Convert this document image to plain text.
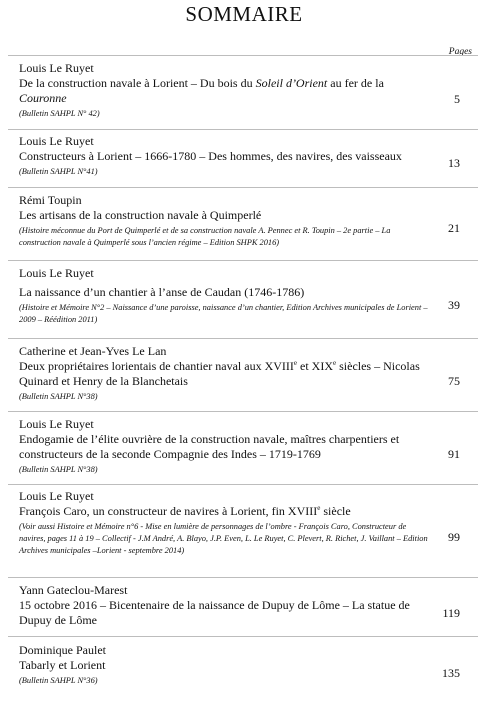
SOMMAIRE
Pages
Louis Le Ruyet
De la construction navale à Lorient – Du bois du Soleil d’Orient au fer de la Couronne
(Bulletin SAHPL N° 42)
5
Louis Le Ruyet
Constructeurs à Lorient – 1666-1780 – Des hommes, des navires, des vaisseaux
(Bulletin SAHPL N°41)
13
Rémi Toupin
Les artisans de la construction navale à Quimperlé
(Histoire méconnue du Port de Quimperlé et de sa construction navale A. Pennec et R. Toupin – 2e partie – La construction navale à Quimperlé sous l’ancien régime – Edition SHPK 2016)
21
Louis Le Ruyet
La naissance d’un chantier à l’anse de Caudan (1746-1786)
(Histoire et Mémoire N°2 – Naissance d’une paroisse, naissance d’un chantier, Edition Archives municipales de Lorient – 2009 – Réédition 2011)
39
Catherine et Jean-Yves Le Lan
Deux propriétaires lorientais de chantier naval aux XVIIIe et XIXe siècles – Nicolas Quinard et Henry de la Blanchetais
(Bulletin SAHPL N°38)
75
Louis Le Ruyet
Endogamie de l’élite ouvrière de la construction navale, maîtres charpentiers et constructeurs de la seconde Compagnie des Indes – 1719-1769
(Bulletin SAHPL N°38)
91
Louis Le Ruyet
François Caro, un constructeur de navires à Lorient, fin XVIIIe siècle
(Voir aussi Histoire et Mémoire n°6 - Mise en lumière de personnages de l’ombre - François Caro, Constructeur de navires, pages 11 à 19 – Collectif - J.M André, A. Blayo, J.P. Even, L. Le Ruyet, C. Plevert, R. Richet, J. Vaillant – Edition Archives municipales –Lorient - septembre 2014)
99
Yann Gateclou-Marest
15 octobre 2016 – Bicentenaire de la naissance de Dupuy de Lôme – La statue de Dupuy de Lôme	119
Dominique Paulet
Tabarly et Lorient
(Bulletin SAHPL N°36)
135
